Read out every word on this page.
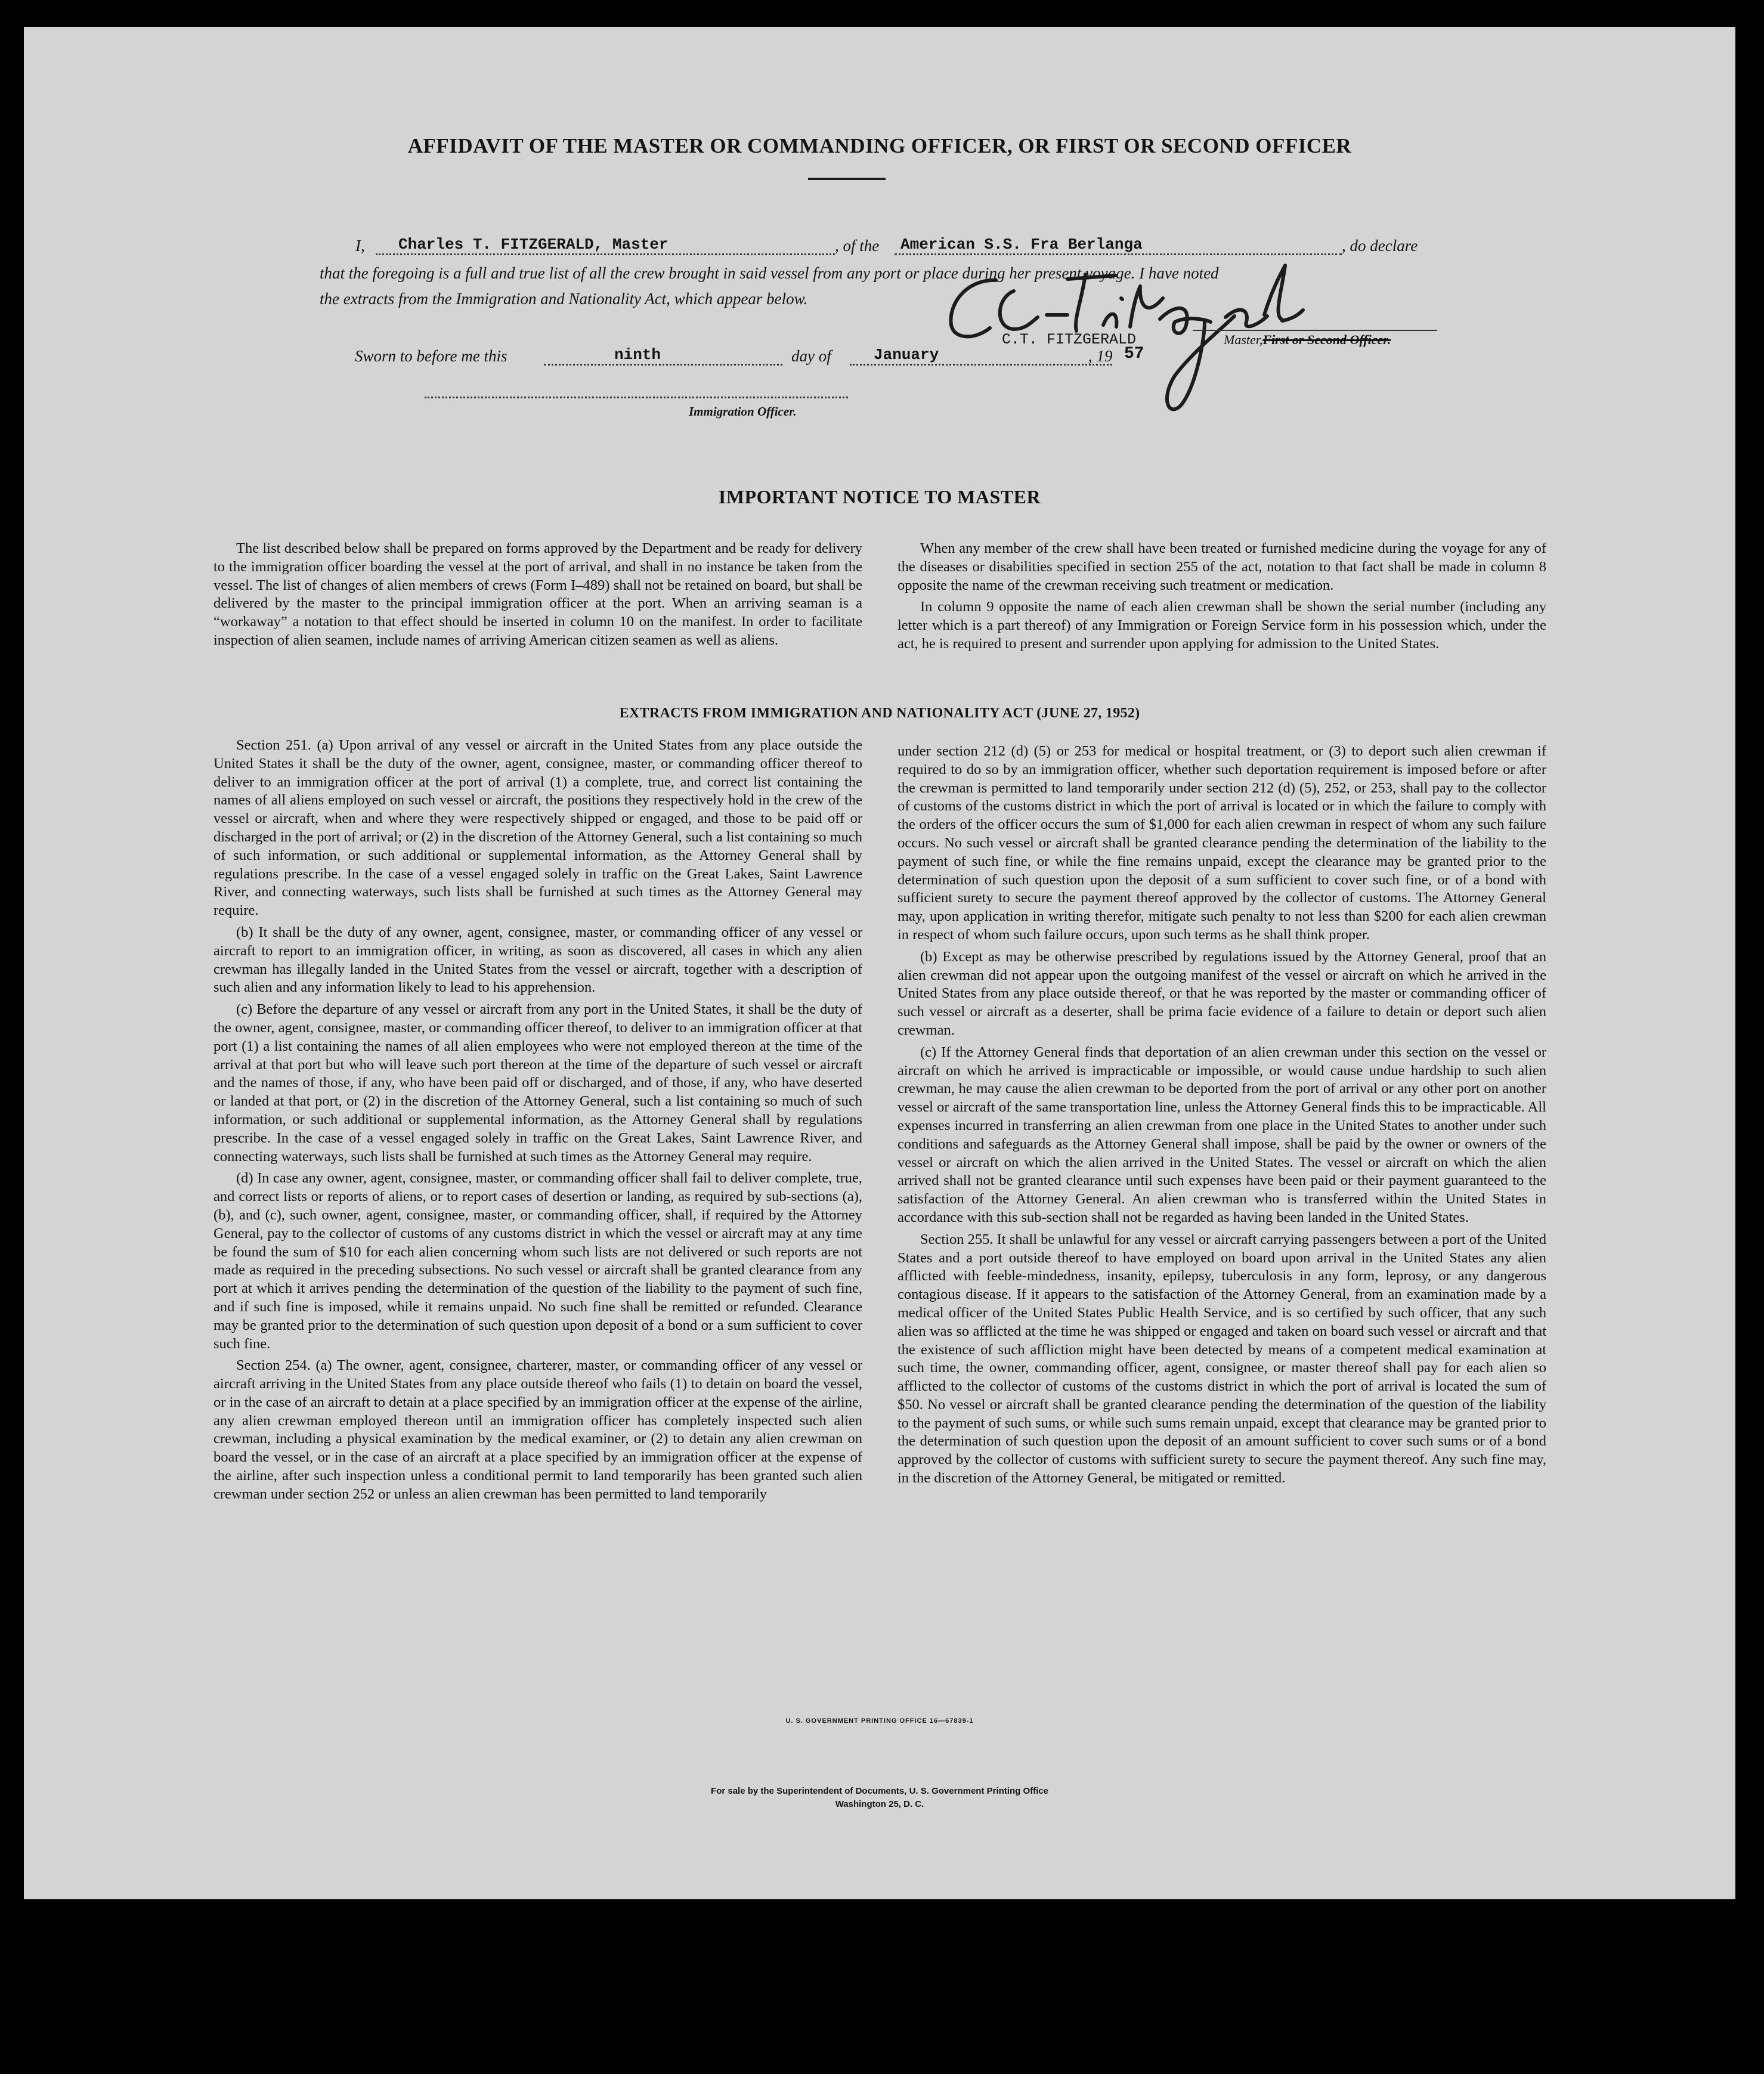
AFFIDAVIT OF THE MASTER OR COMMANDING OFFICER, OR FIRST OR SECOND OFFICER
I, Charles T. FITZGERALD, Master	, of the American S.S. Fra Berlanga	, do declare
that the foregoing is a full and true list of all the crew brought in said vessel from any port or place during her present voyage. I have noted
the extracts from the Immigration and Nationality Act, which appear below.
C.T. FITZGERALD	Master,First or Second Officer.
Sworn to before me this	ninth	day of	January	, 19 57
Immigration Officer.
IMPORTANT NOTICE TO MASTER

The list described below shall be prepared on forms approved by the Department and be ready for delivery to the immigration officer boarding the vessel at the port of arrival, and shall in no instance be taken from the vessel. The list of changes of alien members of crews (Form I–489) shall not be retained on board, but shall be delivered by the master to the principal immigration officer at the port. When an arriving seaman is a “workaway” a notation to that effect should be inserted in column 10 on the manifest. In order to facilitate inspection of alien seamen, include names of arriving American citizen seamen as well as aliens.

When any member of the crew shall have been treated or furnished medicine during the voyage for any of the diseases or disabilities specified in section 255 of the act, notation to that fact shall be made in column 8 opposite the name of the crewman receiving such treatment or medication.

In column 9 opposite the name of each alien crewman shall be shown the serial number (including any letter which is a part thereof) of any Immigration or Foreign Service form in his possession which, under the act, he is required to present and surrender upon applying for admission to the United States.

EXTRACTS FROM IMMIGRATION AND NATIONALITY ACT (JUNE 27, 1952)

Section 251. (a) Upon arrival of any vessel or aircraft in the United States from any place outside the United States it shall be the duty of the owner, agent, consignee, master, or commanding officer thereof to deliver to an immigration officer at the port of arrival (1) a complete, true, and correct list containing the names of all aliens employed on such vessel or aircraft, the positions they respectively hold in the crew of the vessel or aircraft, when and where they were respectively shipped or engaged, and those to be paid off or discharged in the port of arrival; or (2) in the discretion of the Attorney General, such a list containing so much of such information, or such additional or supplemental information, as the Attorney General shall by regulations prescribe. In the case of a vessel engaged solely in traffic on the Great Lakes, Saint Lawrence River, and connecting waterways, such lists shall be furnished at such times as the Attorney General may require.

(b) It shall be the duty of any owner, agent, consignee, master, or commanding officer of any vessel or aircraft to report to an immigration officer, in writing, as soon as discovered, all cases in which any alien crewman has illegally landed in the United States from the vessel or aircraft, together with a description of such alien and any information likely to lead to his apprehension.

(c) Before the departure of any vessel or aircraft from any port in the United States, it shall be the duty of the owner, agent, consignee, master, or commanding officer thereof, to deliver to an immigration officer at that port (1) a list containing the names of all alien employees who were not employed thereon at the time of the arrival at that port but who will leave such port thereon at the time of the departure of such vessel or aircraft and the names of those, if any, who have been paid off or discharged, and of those, if any, who have deserted or landed at that port, or (2) in the discretion of the Attorney General, such a list containing so much of such information, or such additional or supplemental information, as the Attorney General shall by regulations prescribe. In the case of a vessel engaged solely in traffic on the Great Lakes, Saint Lawrence River, and connecting waterways, such lists shall be furnished at such times as the Attorney General may require.

(d) In case any owner, agent, consignee, master, or commanding officer shall fail to deliver complete, true, and correct lists or reports of aliens, or to report cases of desertion or landing, as required by sub-sections (a), (b), and (c), such owner, agent, consignee, master, or commanding officer, shall, if required by the Attorney General, pay to the collector of customs of any customs district in which the vessel or aircraft may at any time be found the sum of $10 for each alien concerning whom such lists are not delivered or such reports are not made as required in the preceding subsections. No such vessel or aircraft shall be granted clearance from any port at which it arrives pending the determination of the question of the liability to the payment of such fine, and if such fine is imposed, while it remains unpaid. No such fine shall be remitted or refunded. Clearance may be granted prior to the determination of such question upon deposit of a bond or a sum sufficient to cover such fine.

Section 254. (a) The owner, agent, consignee, charterer, master, or commanding officer of any vessel or aircraft arriving in the United States from any place outside thereof who fails (1) to detain on board the vessel, or in the case of an aircraft to detain at a place specified by an immigration officer at the expense of the airline, any alien crewman employed thereon until an immigration officer has completely inspected such alien crewman, including a physical examination by the medical examiner, or (2) to detain any alien crewman on board the vessel, or in the case of an aircraft at a place specified by an immigration officer at the expense of the airline, after such inspection unless a conditional permit to land temporarily has been granted such alien crewman under section 252 or unless an alien crewman has been permitted to land temporarily

under section 212 (d) (5) or 253 for medical or hospital treatment, or (3) to deport such alien crewman if required to do so by an immigration officer, whether such deportation requirement is imposed before or after the crewman is permitted to land temporarily under section 212 (d) (5), 252, or 253, shall pay to the collector of customs of the customs district in which the port of arrival is located or in which the failure to comply with the orders of the officer occurs the sum of $1,000 for each alien crewman in respect of whom any such failure occurs. No such vessel or aircraft shall be granted clearance pending the determination of the liability to the payment of such fine, or while the fine remains unpaid, except the clearance may be granted prior to the determination of such question upon the deposit of a sum sufficient to cover such fine, or of a bond with sufficient surety to secure the payment thereof approved by the collector of customs. The Attorney General may, upon application in writing therefor, mitigate such penalty to not less than $200 for each alien crewman in respect of whom such failure occurs, upon such terms as he shall think proper.

(b) Except as may be otherwise prescribed by regulations issued by the Attorney General, proof that an alien crewman did not appear upon the outgoing manifest of the vessel or aircraft on which he arrived in the United States from any place outside thereof, or that he was reported by the master or commanding officer of such vessel or aircraft as a deserter, shall be prima facie evidence of a failure to detain or deport such alien crewman.

(c) If the Attorney General finds that deportation of an alien crewman under this section on the vessel or aircraft on which he arrived is impracticable or impossible, or would cause undue hardship to such alien crewman, he may cause the alien crewman to be deported from the port of arrival or any other port on another vessel or aircraft of the same transportation line, unless the Attorney General finds this to be impracticable. All expenses incurred in transferring an alien crewman from one place in the United States to another under such conditions and safeguards as the Attorney General shall impose, shall be paid by the owner or owners of the vessel or aircraft on which the alien arrived in the United States. The vessel or aircraft on which the alien arrived shall not be granted clearance until such expenses have been paid or their payment guaranteed to the satisfaction of the Attorney General. An alien crewman who is transferred within the United States in accordance with this sub-section shall not be regarded as having been landed in the United States.

Section 255. It shall be unlawful for any vessel or aircraft carrying passengers between a port of the United States and a port outside thereof to have employed on board upon arrival in the United States any alien afflicted with feeble-mindedness, insanity, epilepsy, tuberculosis in any form, leprosy, or any dangerous contagious disease. If it appears to the satisfaction of the Attorney General, from an examination made by a medical officer of the United States Public Health Service, and is so certified by such officer, that any such alien was so afflicted at the time he was shipped or engaged and taken on board such vessel or aircraft and that the existence of such affliction might have been detected by means of a competent medical examination at such time, the owner, commanding officer, agent, consignee, or master thereof shall pay for each alien so afflicted to the collector of customs of the customs district in which the port of arrival is located the sum of $50. No vessel or aircraft shall be granted clearance pending the determination of the question of the liability to the payment of such sums, or while such sums remain unpaid, except that clearance may be granted prior to the determination of such question upon the deposit of an amount sufficient to cover such sums or of a bond approved by the collector of customs with sufficient surety to secure the payment thereof. Any such fine may, in the discretion of the Attorney General, be mitigated or remitted.

U. S. GOVERNMENT PRINTING OFFICE 16—67839-1
For sale by the Superintendent of Documents, U. S. Government Printing Office
Washington 25, D. C.
